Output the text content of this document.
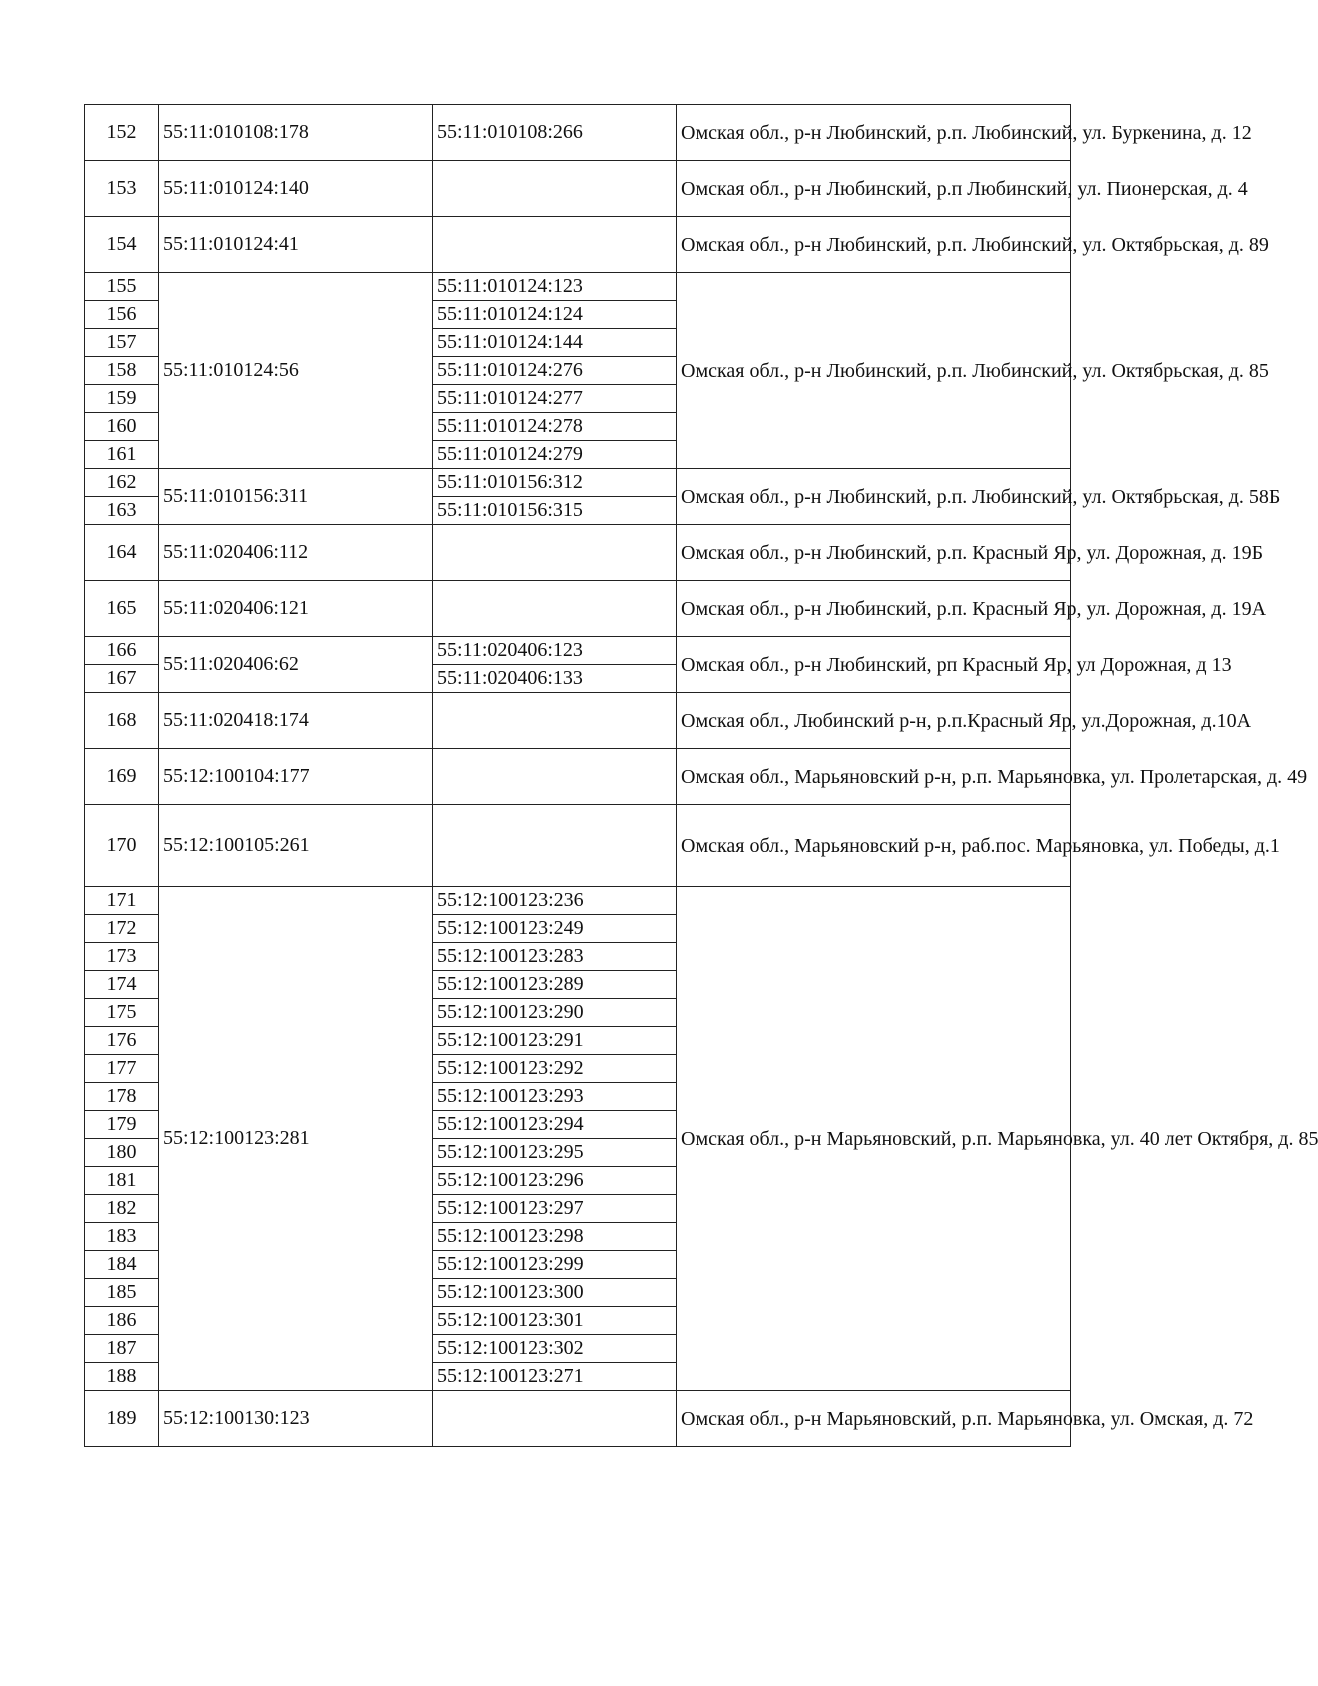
152	55:11:010108:178	55:11:010108:266	Омская обл., р-н Любинский, р.п. Любинский, ул. Буркенина, д. 12
153	55:11:010124:140		Омская обл., р-н Любинский, р.п Любинский, ул. Пионерская, д. 4
154	55:11:010124:41		Омская обл., р-н Любинский, р.п. Любинский, ул. Октябрьская, д. 89
155	55:11:010124:56	55:11:010124:123	Омская обл., р-н Любинский, р.п. Любинский, ул. Октябрьская, д. 85
156		55:11:010124:124	
157		55:11:010124:144	
158		55:11:010124:276	
159		55:11:010124:277	
160		55:11:010124:278	
161		55:11:010124:279	
162	55:11:010156:311	55:11:010156:312	Омская обл., р-н Любинский, р.п. Любинский, ул. Октябрьская, д. 58Б
163		55:11:010156:315	
164	55:11:020406:112		Омская обл., р-н Любинский, р.п. Красный Яр, ул. Дорожная, д. 19Б
165	55:11:020406:121		Омская обл., р-н Любинский, р.п. Красный Яр, ул. Дорожная, д. 19А
166	55:11:020406:62	55:11:020406:123	Омская обл., р-н Любинский, рп Красный Яр, ул Дорожная, д 13
167		55:11:020406:133	
168	55:11:020418:174		Омская обл., Любинский р-н, р.п.Красный Яр, ул.Дорожная, д.10А
169	55:12:100104:177		Омская обл., Марьяновский р-н, р.п. Марьяновка, ул. Пролетарская, д. 49
170	55:12:100105:261		Омская обл., Марьяновский р-н, раб.пос. Марьяновка, ул. Победы, д.1
171	55:12:100123:281	55:12:100123:236	Омская обл., р-н Марьяновский, р.п. Марьяновка, ул. 40 лет Октября, д. 85
172		55:12:100123:249	
173		55:12:100123:283	
174		55:12:100123:289	
175		55:12:100123:290	
176		55:12:100123:291	
177		55:12:100123:292	
178		55:12:100123:293	
179		55:12:100123:294	
180		55:12:100123:295	
181		55:12:100123:296	
182		55:12:100123:297	
183		55:12:100123:298	
184		55:12:100123:299	
185		55:12:100123:300	
186		55:12:100123:301	
187		55:12:100123:302	
188		55:12:100123:271	
189	55:12:100130:123		Омская обл., р-н Марьяновский, р.п. Марьяновка, ул. Омская, д. 72
